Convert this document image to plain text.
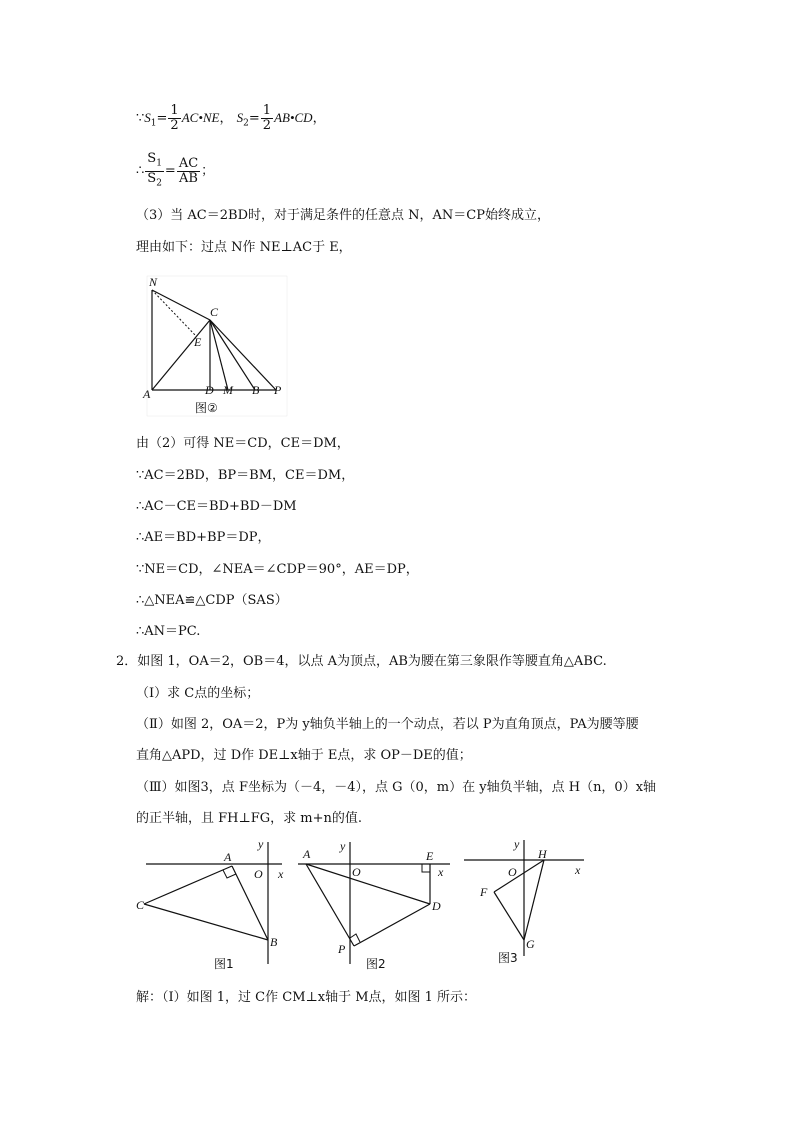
$\because S_1= \frac{1}{2}$ AC•NE， $S_2= \frac{1}{2}$ AB•CD，
∴ $\frac{S_1}{S_2} = \frac{AC}{AB}$ ；
（3）当 AC＝2BD时，对于满足条件的任意点 N，AN＝CP始终成立，
理由如下：过点 N作 NE⊥AC于 E，
N
C
E
A	D M B P
图②
由（2）可得 NE＝CD，CE＝DM，
∵AC＝2BD，BP＝BM，CE＝DM，
∴AC－CE＝BD+BD－DM
∴AE＝BD+BP＝DP，
∵NE＝CD，∠NEA＝∠CDP＝90°，AE＝DP，
∴△NEA≌△CDP（SAS）
∴AN＝PC.
2．如图 1，OA＝2，OB＝4，以点 A为顶点，AB为腰在第三象限作等腰直角△ABC.
（Ⅰ）求 C点的坐标；
（Ⅱ）如图 2，OA＝2，P为 y轴负半轴上的一个动点，若以 P为直角顶点，PA为腰等腰
直角△APD，过 D作 DE⊥x轴于 E点，求 OP－DE的值；
（Ⅲ）如图3，点 F坐标为（－4，－4），点 G（0，m）在 y轴负半轴，点 H（n，0）x轴
的正半轴，且 FH⊥FG，求 m+n的值.
y
A
O x
C
B
图1
y
A
O
E
x
D
P
图2
y
O
H
x
F
G
图3
解：（Ⅰ）如图 1，过 C作 CM⊥x轴于 M点，如图 1 所示：
